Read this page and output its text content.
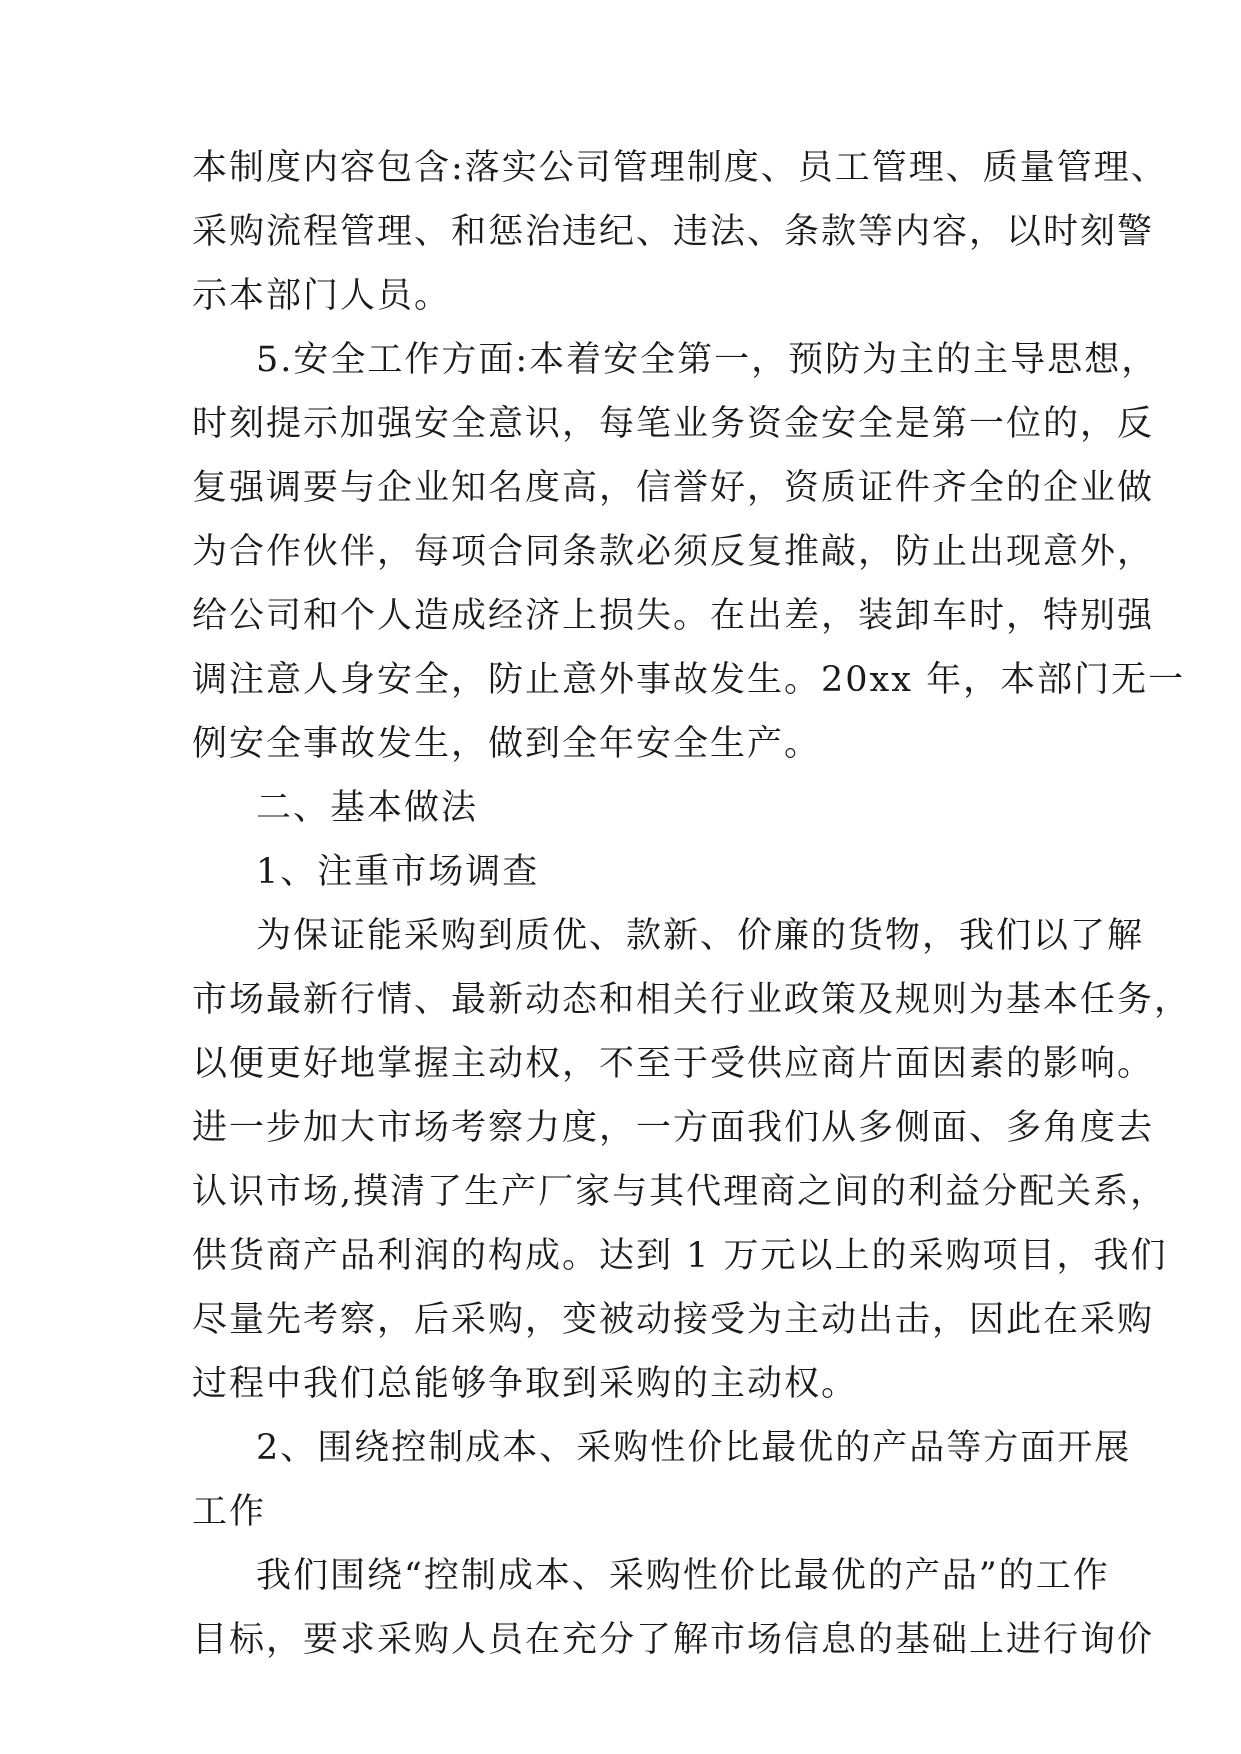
本制度内容包含:落实公司管理制度、员工管理、质量管理、
采购流程管理、和惩治违纪、违法、条款等内容，以时刻警
示本部门人员。
5.安全工作方面:本着安全第一，预防为主的主导思想，
时刻提示加强安全意识，每笔业务资金安全是第一位的，反
复强调要与企业知名度高，信誉好，资质证件齐全的企业做
为合作伙伴，每项合同条款必须反复推敲，防止出现意外，
给公司和个人造成经济上损失。在出差，装卸车时，特别强
调注意人身安全，防止意外事故发生。20xx 年，本部门无一
例安全事故发生，做到全年安全生产。
二、基本做法
1、注重市场调查
为保证能采购到质优、款新、价廉的货物，我们以了解
市场最新行情、最新动态和相关行业政策及规则为基本任务，
以便更好地掌握主动权，不至于受供应商片面因素的影响。
进一步加大市场考察力度，一方面我们从多侧面、多角度去
认识市场,摸清了生产厂家与其代理商之间的利益分配关系，
供货商产品利润的构成。达到 1 万元以上的采购项目，我们
尽量先考察，后采购，变被动接受为主动出击，因此在采购
过程中我们总能够争取到采购的主动权。
2、围绕控制成本、采购性价比最优的产品等方面开展
工作
我们围绕“控制成本、采购性价比最优的产品”的工作
目标，要求采购人员在充分了解市场信息的基础上进行询价
